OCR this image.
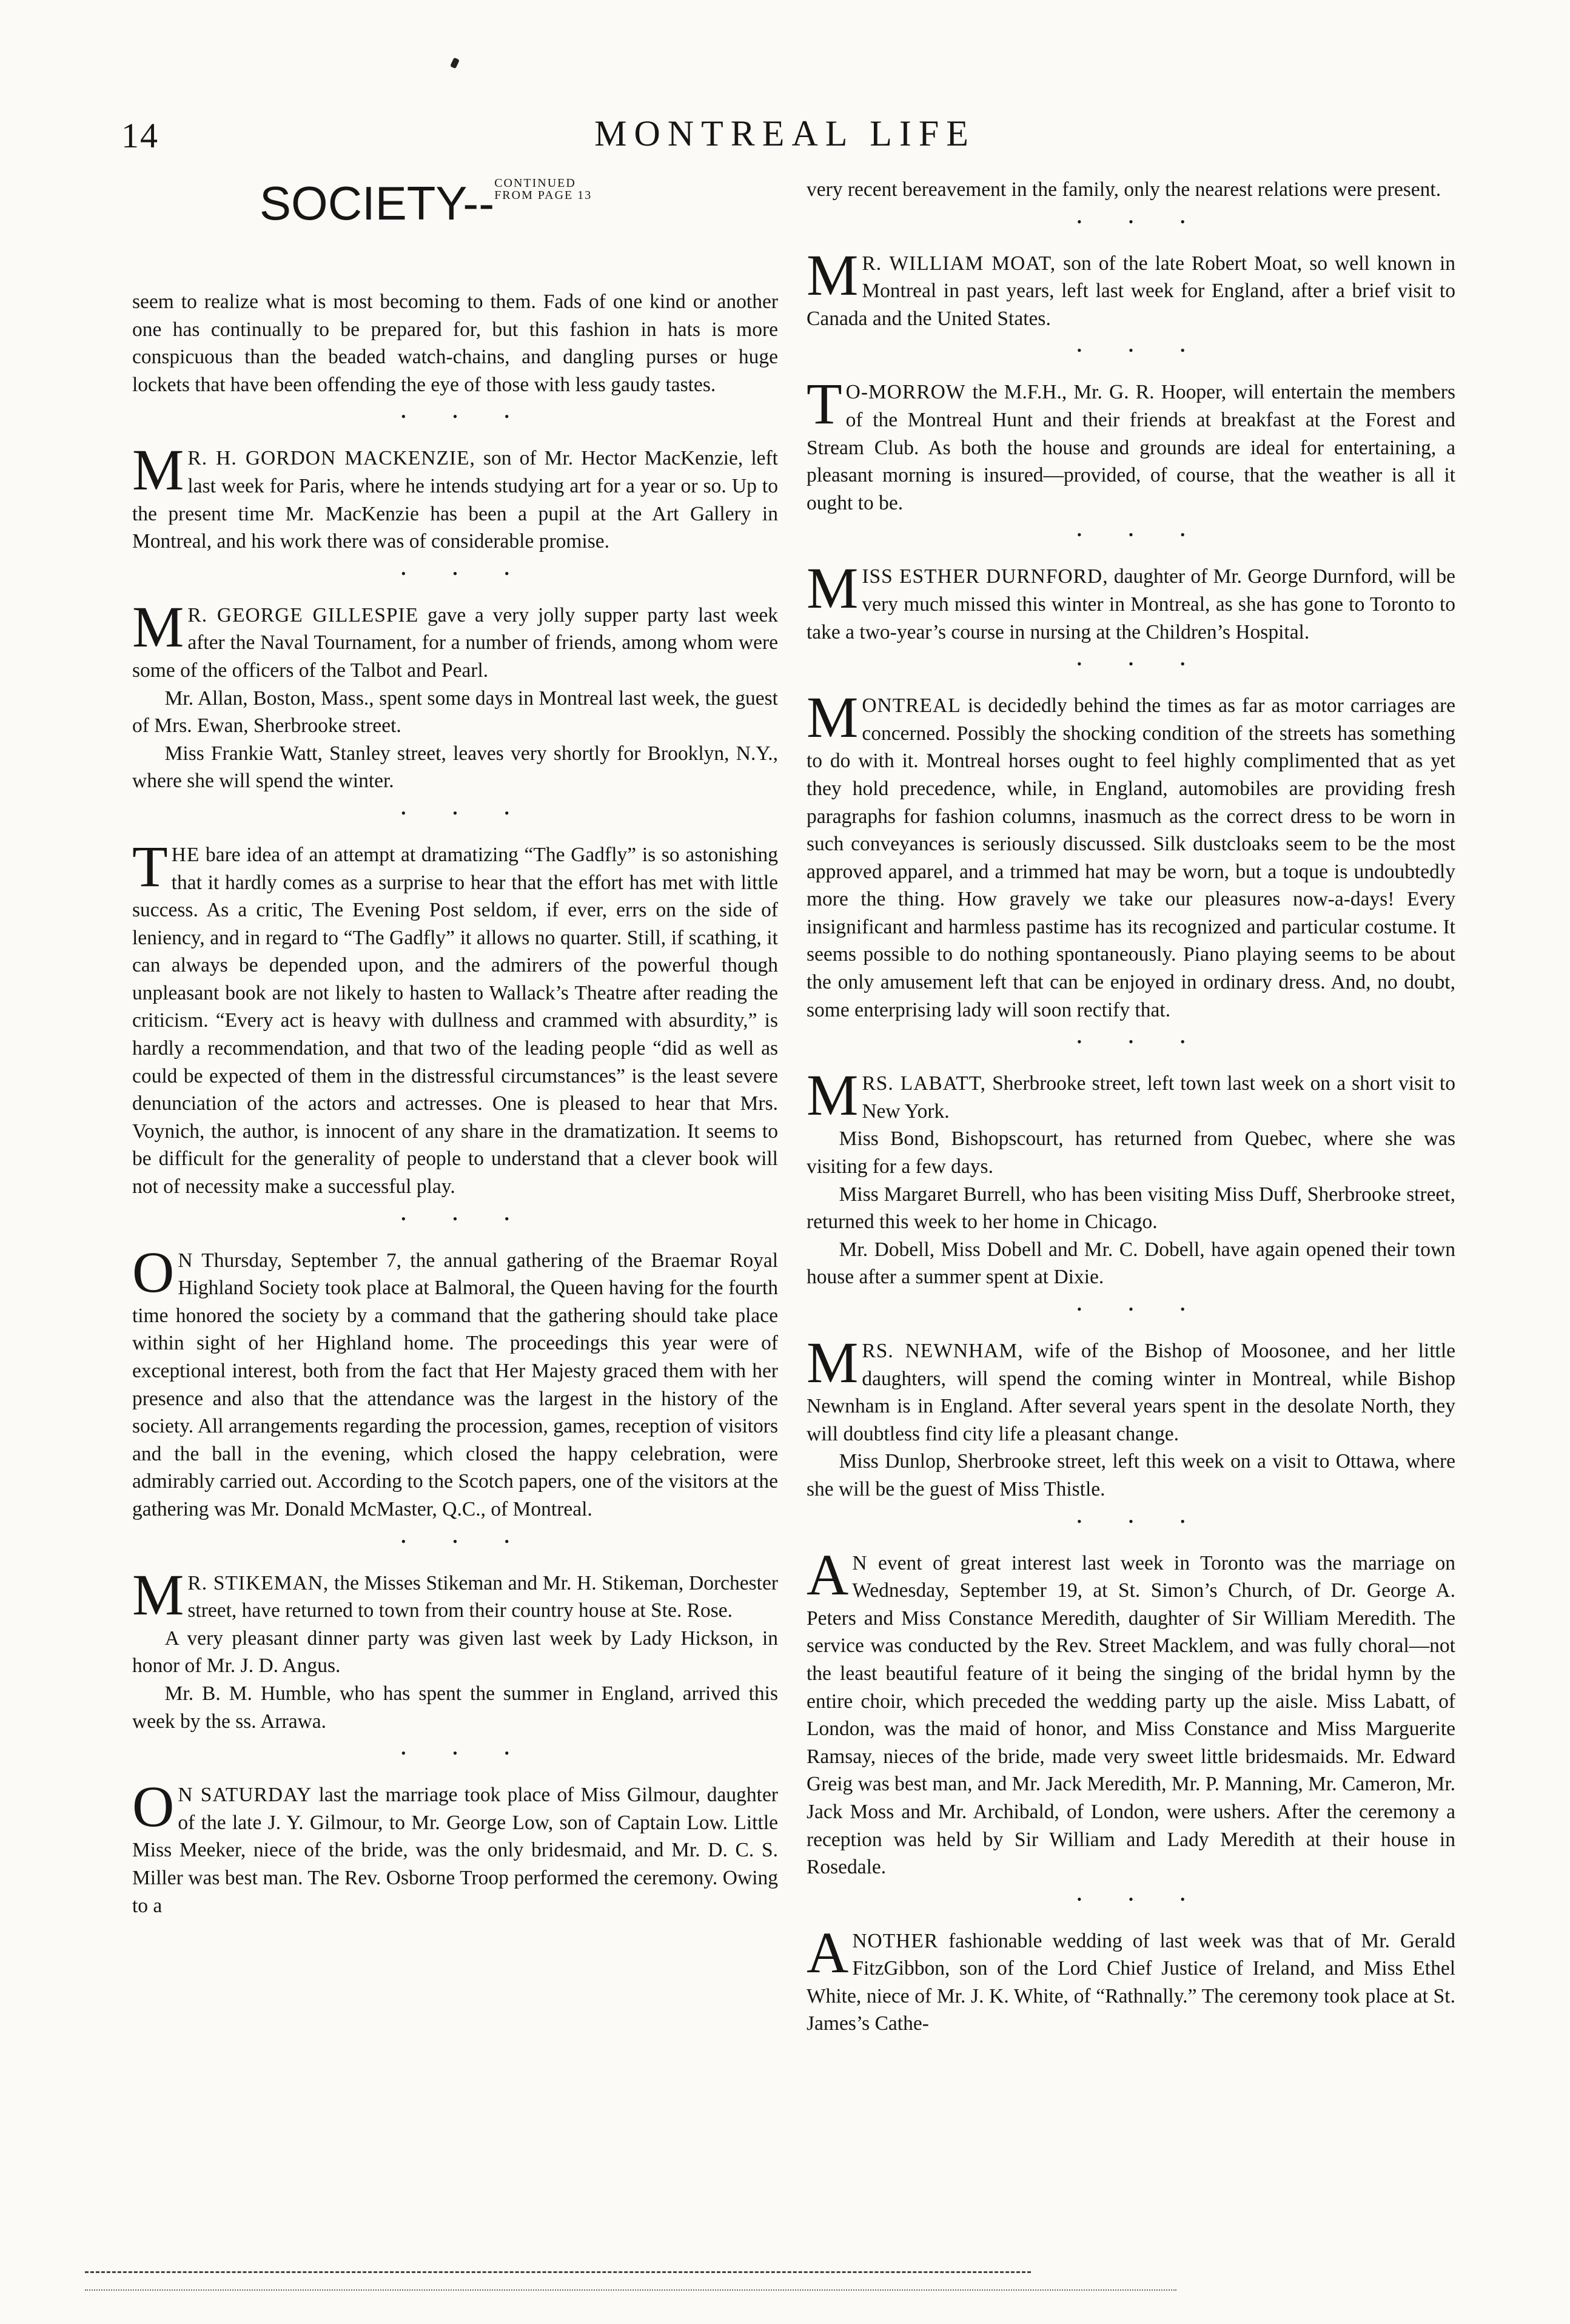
14	MONTREAL LIFE
SOCIETY--CONTINUED
FROM PAGE 13

seem to realize what is most becoming to them. Fads of one kind or another one has continually to be prepared for, but this fashion in hats is more conspicuous than the beaded watch-chains, and dangling purses or huge lockets that have been offending the eye of those with less gaudy tastes.

• • •

M R. H. GORDON MACKENZIE, son of Mr. Hector MacKenzie, left last week for Paris, where he intends studying art for a year or so. Up to the present time Mr. MacKenzie has been a pupil at the Art Gallery in Montreal, and his work there was of considerable promise.

• • •

M R. GEORGE GILLESPIE gave a very jolly supper party last week after the Naval Tournament, for a number of friends, among whom were some of the officers of the Talbot and Pearl.

Mr. Allan, Boston, Mass., spent some days in Montreal last week, the guest of Mrs. Ewan, Sherbrooke street.

Miss Frankie Watt, Stanley street, leaves very shortly for Brooklyn, N.Y., where she will spend the winter.

• • •

THE bare idea of an attempt at dramatizing “The Gadfly” is so astonishing that it hardly comes as a surprise to hear that the effort has met with little success. As a critic, The Evening Post seldom, if ever, errs on the side of leniency, and in regard to “The Gadfly” it allows no quarter. Still, if scathing, it can always be depended upon, and the admirers of the powerful though unpleasant book are not likely to hasten to Wallack’s Theatre after reading the criticism. “Every act is heavy with dullness and crammed with absurdity,” is hardly a recommendation, and that two of the leading people “did as well as could be expected of them in the distressful circumstances” is the least severe denunciation of the actors and actresses. One is pleased to hear that Mrs. Voynich, the author, is innocent of any share in the dramatization. It seems to be difficult for the generality of people to understand that a clever book will not of necessity make a successful play.

• • •

O N Thursday, September 7, the annual gathering of the Braemar Royal Highland Society took place at Balmoral, the Queen having for the fourth time honored the society by a command that the gathering should take place within sight of her Highland home. The proceedings this year were of exceptional interest, both from the fact that Her Majesty graced them with her presence and also that the attendance was the largest in the history of the society. All arrangements regarding the procession, games, reception of visitors and the ball in the evening, which closed the happy celebration, were admirably carried out. According to the Scotch papers, one of the visitors at the gathering was Mr. Donald McMaster, Q.C., of Montreal.

• • •

M R. STIKEMAN, the Misses Stikeman and Mr. H. Stikeman, Dorchester street, have returned to town from their country house at Ste. Rose.

A very pleasant dinner party was given last week by Lady Hickson, in honor of Mr. J. D. Angus.

Mr. B. M. Humble, who has spent the summer in England, arrived this week by the ss. Arrawa.

• • •

O N SATURDAY last the marriage took place of Miss Gilmour, daughter of the late J. Y. Gilmour, to Mr. George Low, son of Captain Low. Little Miss Meeker, niece of the bride, was the only bridesmaid, and Mr. D. C. S. Miller was best man. The Rev. Osborne Troop performed the ceremony. Owing to a

very recent bereavement in the family, only the nearest relations were present.

• • •

M R. WILLIAM MOAT, son of the late Robert Moat, so well known in Montreal in past years, left last week for England, after a brief visit to Canada and the United States.

• • •

T O-MORROW the M.F.H., Mr. G. R. Hooper, will entertain the members of the Montreal Hunt and their friends at breakfast at the Forest and Stream Club. As both the house and grounds are ideal for entertaining, a pleasant morning is insured—provided, of course, that the weather is all it ought to be.

• • •

MISS ESTHER DURNFORD, daughter of Mr. George Durnford, will be very much missed this winter in Montreal, as she has gone to Toronto to take a two-year’s course in nursing at the Children’s Hospital.

• • •

MONTREAL is decidedly behind the times as far as motor carriages are concerned. Possibly the shocking condition of the streets has something to do with it. Montreal horses ought to feel highly complimented that as yet they hold precedence, while, in England, automobiles are providing fresh paragraphs for fashion columns, inasmuch as the correct dress to be worn in such conveyances is seriously discussed. Silk dustcloaks seem to be the most approved apparel, and a trimmed hat may be worn, but a toque is undoubtedly more the thing. How gravely we take our pleasures now-a-days! Every insignificant and harmless pastime has its recognized and particular costume. It seems possible to do nothing spontaneously. Piano playing seems to be about the only amusement left that can be enjoyed in ordinary dress. And, no doubt, some enterprising lady will soon rectify that.

• • •

MRS. LABATT, Sherbrooke street, left town last week on a short visit to New York.

Miss Bond, Bishopscourt, has returned from Quebec, where she was visiting for a few days.

Miss Margaret Burrell, who has been visiting Miss Duff, Sherbrooke street, returned this week to her home in Chicago.

Mr. Dobell, Miss Dobell and Mr. C. Dobell, have again opened their town house after a summer spent at Dixie.

• • •

MRS. NEWNHAM, wife of the Bishop of Moosonee, and her little daughters, will spend the coming winter in Montreal, while Bishop Newnham is in England. After several years spent in the desolate North, they will doubtless find city life a pleasant change.

Miss Dunlop, Sherbrooke street, left this week on a visit to Ottawa, where she will be the guest of Miss Thistle.

• • •

A N event of great interest last week in Toronto was the marriage on Wednesday, September 19, at St. Simon’s Church, of Dr. George A. Peters and Miss Constance Meredith, daughter of Sir William Meredith. The service was conducted by the Rev. Street Macklem, and was fully choral—not the least beautiful feature of it being the singing of the bridal hymn by the entire choir, which preceded the wedding party up the aisle. Miss Labatt, of London, was the maid of honor, and Miss Constance and Miss Marguerite Ramsay, nieces of the bride, made very sweet little bridesmaids. Mr. Edward Greig was best man, and Mr. Jack Meredith, Mr. P. Manning, Mr. Cameron, Mr. Jack Moss and Mr. Archibald, of London, were ushers. After the ceremony a reception was held by Sir William and Lady Meredith at their house in Rosedale.

• • •

ANOTHER fashionable wedding of last week was that of Mr. Gerald FitzGibbon, son of the Lord Chief Justice of Ireland, and Miss Ethel White, niece of Mr. J. K. White, of “Rathnally.” The ceremony took place at St. James’s Cathe-
